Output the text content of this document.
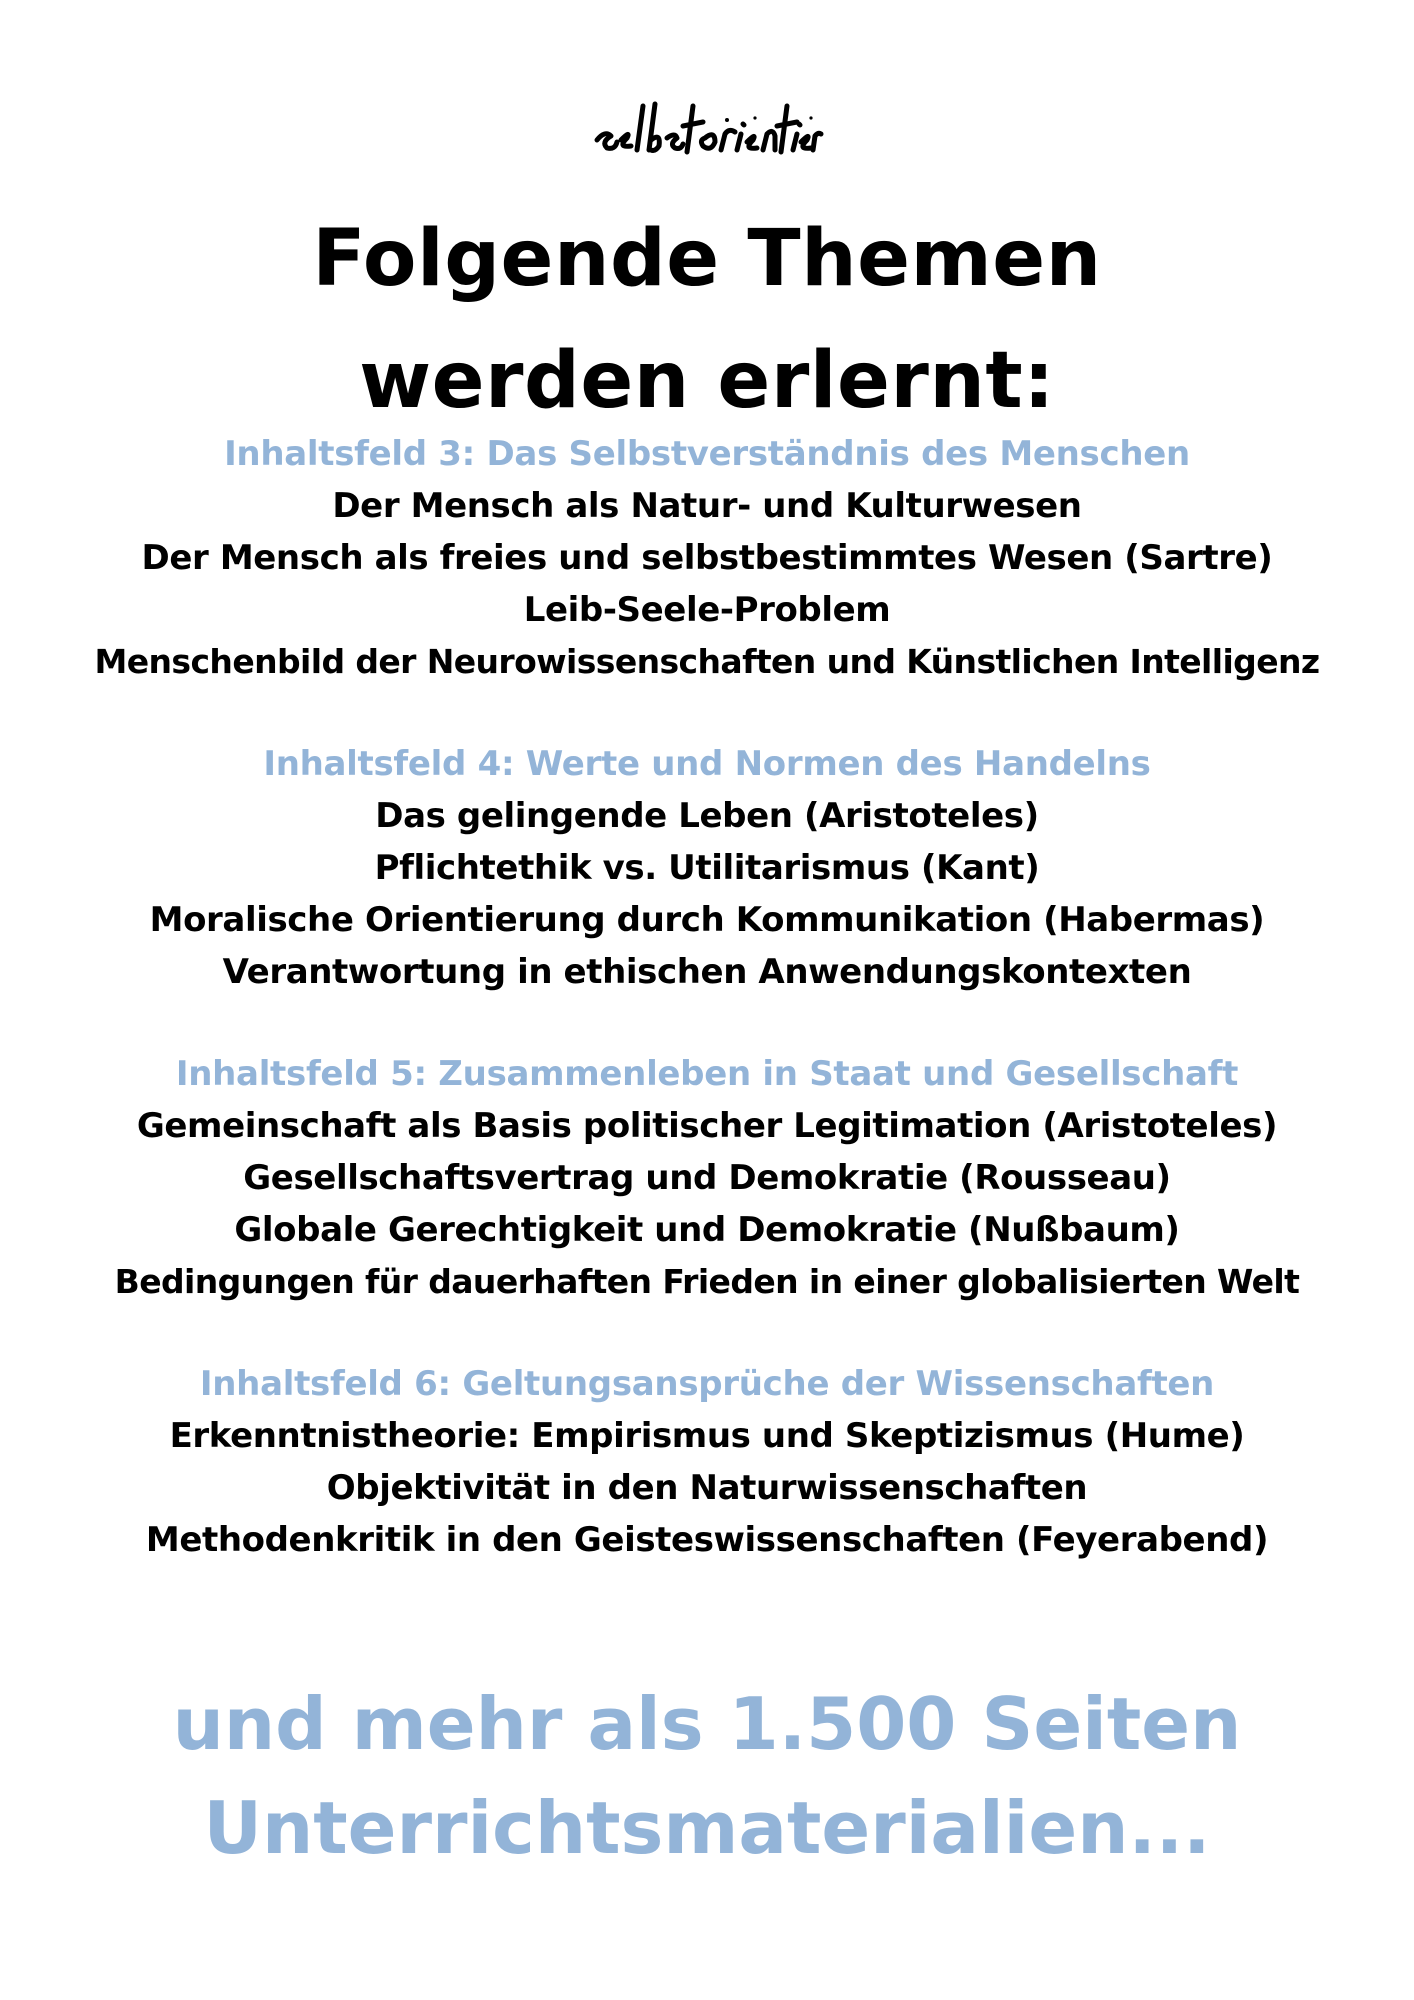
Folgende Themen
werden erlernt:

Inhaltsfeld 3: Das Selbstverständnis des Menschen

Der Mensch als Natur- und Kulturwesen

Der Mensch als freies und selbstbestimmtes Wesen (Sartre)

Leib-Seele-Problem

Menschenbild der Neurowissenschaften und Künstlichen Intelligenz

Inhaltsfeld 4: Werte und Normen des Handelns

Das gelingende Leben (Aristoteles)

Pflichtethik vs. Utilitarismus (Kant)

Moralische Orientierung durch Kommunikation (Habermas)

Verantwortung in ethischen Anwendungskontexten

Inhaltsfeld 5: Zusammenleben in Staat und Gesellschaft

Gemeinschaft als Basis politischer Legitimation (Aristoteles)

Gesellschaftsvertrag und Demokratie (Rousseau)

Globale Gerechtigkeit und Demokratie (Nußbaum)

Bedingungen für dauerhaften Frieden in einer globalisierten Welt

Inhaltsfeld 6: Geltungsansprüche der Wissenschaften

Erkenntnistheorie: Empirismus und Skeptizismus (Hume)

Objektivität in den Naturwissenschaften

Methodenkritik in den Geisteswissenschaften (Feyerabend)

und mehr als 1.500 Seiten
Unterrichtsmaterialien...
